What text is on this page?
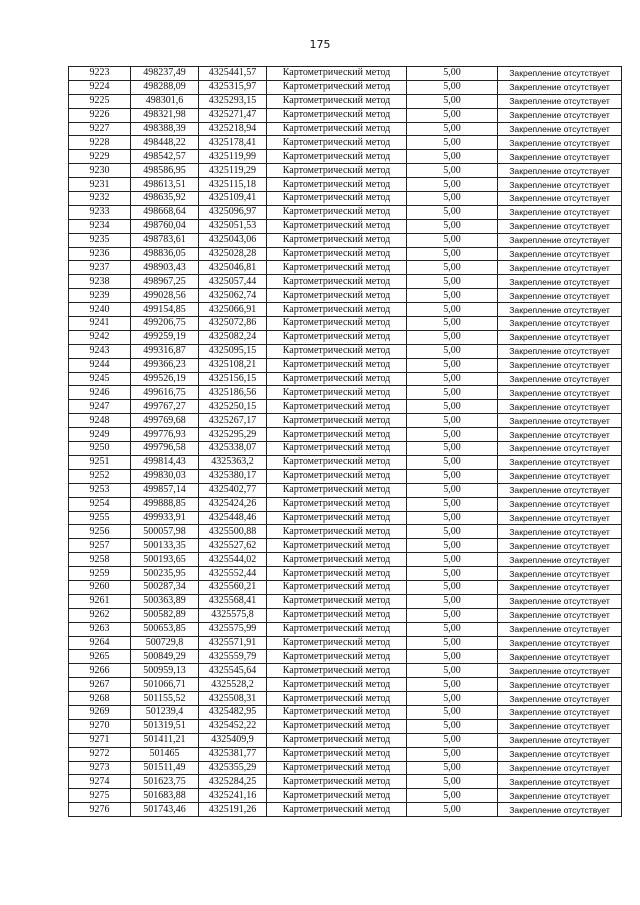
175
9223	498237,49	4325441,57	Картометрический метод	5,00	Закрепление отсутствует
9224	498288,09	4325315,97	Картометрический метод	5,00	Закрепление отсутствует
9225	498301,6	4325293,15	Картометрический метод	5,00	Закрепление отсутствует
9226	498321,98	4325271,47	Картометрический метод	5,00	Закрепление отсутствует
9227	498388,39	4325218,94	Картометрический метод	5,00	Закрепление отсутствует
9228	498448,22	4325178,41	Картометрический метод	5,00	Закрепление отсутствует
9229	498542,57	4325119,99	Картометрический метод	5,00	Закрепление отсутствует
9230	498586,95	4325119,29	Картометрический метод	5,00	Закрепление отсутствует
9231	498613,51	4325115,18	Картометрический метод	5,00	Закрепление отсутствует
9232	498635,92	4325109,41	Картометрический метод	5,00	Закрепление отсутствует
9233	498668,64	4325096,97	Картометрический метод	5,00	Закрепление отсутствует
9234	498760,04	4325051,53	Картометрический метод	5,00	Закрепление отсутствует
9235	498783,61	4325043,06	Картометрический метод	5,00	Закрепление отсутствует
9236	498836,05	4325028,28	Картометрический метод	5,00	Закрепление отсутствует
9237	498903,43	4325046,81	Картометрический метод	5,00	Закрепление отсутствует
9238	498967,25	4325057,44	Картометрический метод	5,00	Закрепление отсутствует
9239	499028,56	4325062,74	Картометрический метод	5,00	Закрепление отсутствует
9240	499154,85	4325066,91	Картометрический метод	5,00	Закрепление отсутствует
9241	499206,75	4325072,86	Картометрический метод	5,00	Закрепление отсутствует
9242	499259,19	4325082,24	Картометрический метод	5,00	Закрепление отсутствует
9243	499316,87	4325095,15	Картометрический метод	5,00	Закрепление отсутствует
9244	499366,23	4325108,21	Картометрический метод	5,00	Закрепление отсутствует
9245	499526,19	4325156,15	Картометрический метод	5,00	Закрепление отсутствует
9246	499616,75	4325186,56	Картометрический метод	5,00	Закрепление отсутствует
9247	499767,27	4325250,15	Картометрический метод	5,00	Закрепление отсутствует
9248	499769,68	4325267,17	Картометрический метод	5,00	Закрепление отсутствует
9249	499776,93	4325295,29	Картометрический метод	5,00	Закрепление отсутствует
9250	499796,58	4325338,07	Картометрический метод	5,00	Закрепление отсутствует
9251	499814,43	4325363,2	Картометрический метод	5,00	Закрепление отсутствует
9252	499830,03	4325380,17	Картометрический метод	5,00	Закрепление отсутствует
9253	499857,14	4325402,77	Картометрический метод	5,00	Закрепление отсутствует
9254	499888,85	4325424,26	Картометрический метод	5,00	Закрепление отсутствует
9255	499933,91	4325448,46	Картометрический метод	5,00	Закрепление отсутствует
9256	500057,98	4325500,88	Картометрический метод	5,00	Закрепление отсутствует
9257	500133,35	4325527,62	Картометрический метод	5,00	Закрепление отсутствует
9258	500193,65	4325544,02	Картометрический метод	5,00	Закрепление отсутствует
9259	500235,95	4325552,44	Картометрический метод	5,00	Закрепление отсутствует
9260	500287,34	4325560,21	Картометрический метод	5,00	Закрепление отсутствует
9261	500363,89	4325568,41	Картометрический метод	5,00	Закрепление отсутствует
9262	500582,89	4325575,8	Картометрический метод	5,00	Закрепление отсутствует
9263	500653,85	4325575,99	Картометрический метод	5,00	Закрепление отсутствует
9264	500729,8	4325571,91	Картометрический метод	5,00	Закрепление отсутствует
9265	500849,29	4325559,79	Картометрический метод	5,00	Закрепление отсутствует
9266	500959,13	4325545,64	Картометрический метод	5,00	Закрепление отсутствует
9267	501066,71	4325528,2	Картометрический метод	5,00	Закрепление отсутствует
9268	501155,52	4325508,31	Картометрический метод	5,00	Закрепление отсутствует
9269	501239,4	4325482,95	Картометрический метод	5,00	Закрепление отсутствует
9270	501319,51	4325452,22	Картометрический метод	5,00	Закрепление отсутствует
9271	501411,21	4325409,9	Картометрический метод	5,00	Закрепление отсутствует
9272	501465	4325381,77	Картометрический метод	5,00	Закрепление отсутствует
9273	501511,49	4325355,29	Картометрический метод	5,00	Закрепление отсутствует
9274	501623,75	4325284,25	Картометрический метод	5,00	Закрепление отсутствует
9275	501683,88	4325241,16	Картометрический метод	5,00	Закрепление отсутствует
9276	501743,46	4325191,26	Картометрический метод	5,00	Закрепление отсутствует
